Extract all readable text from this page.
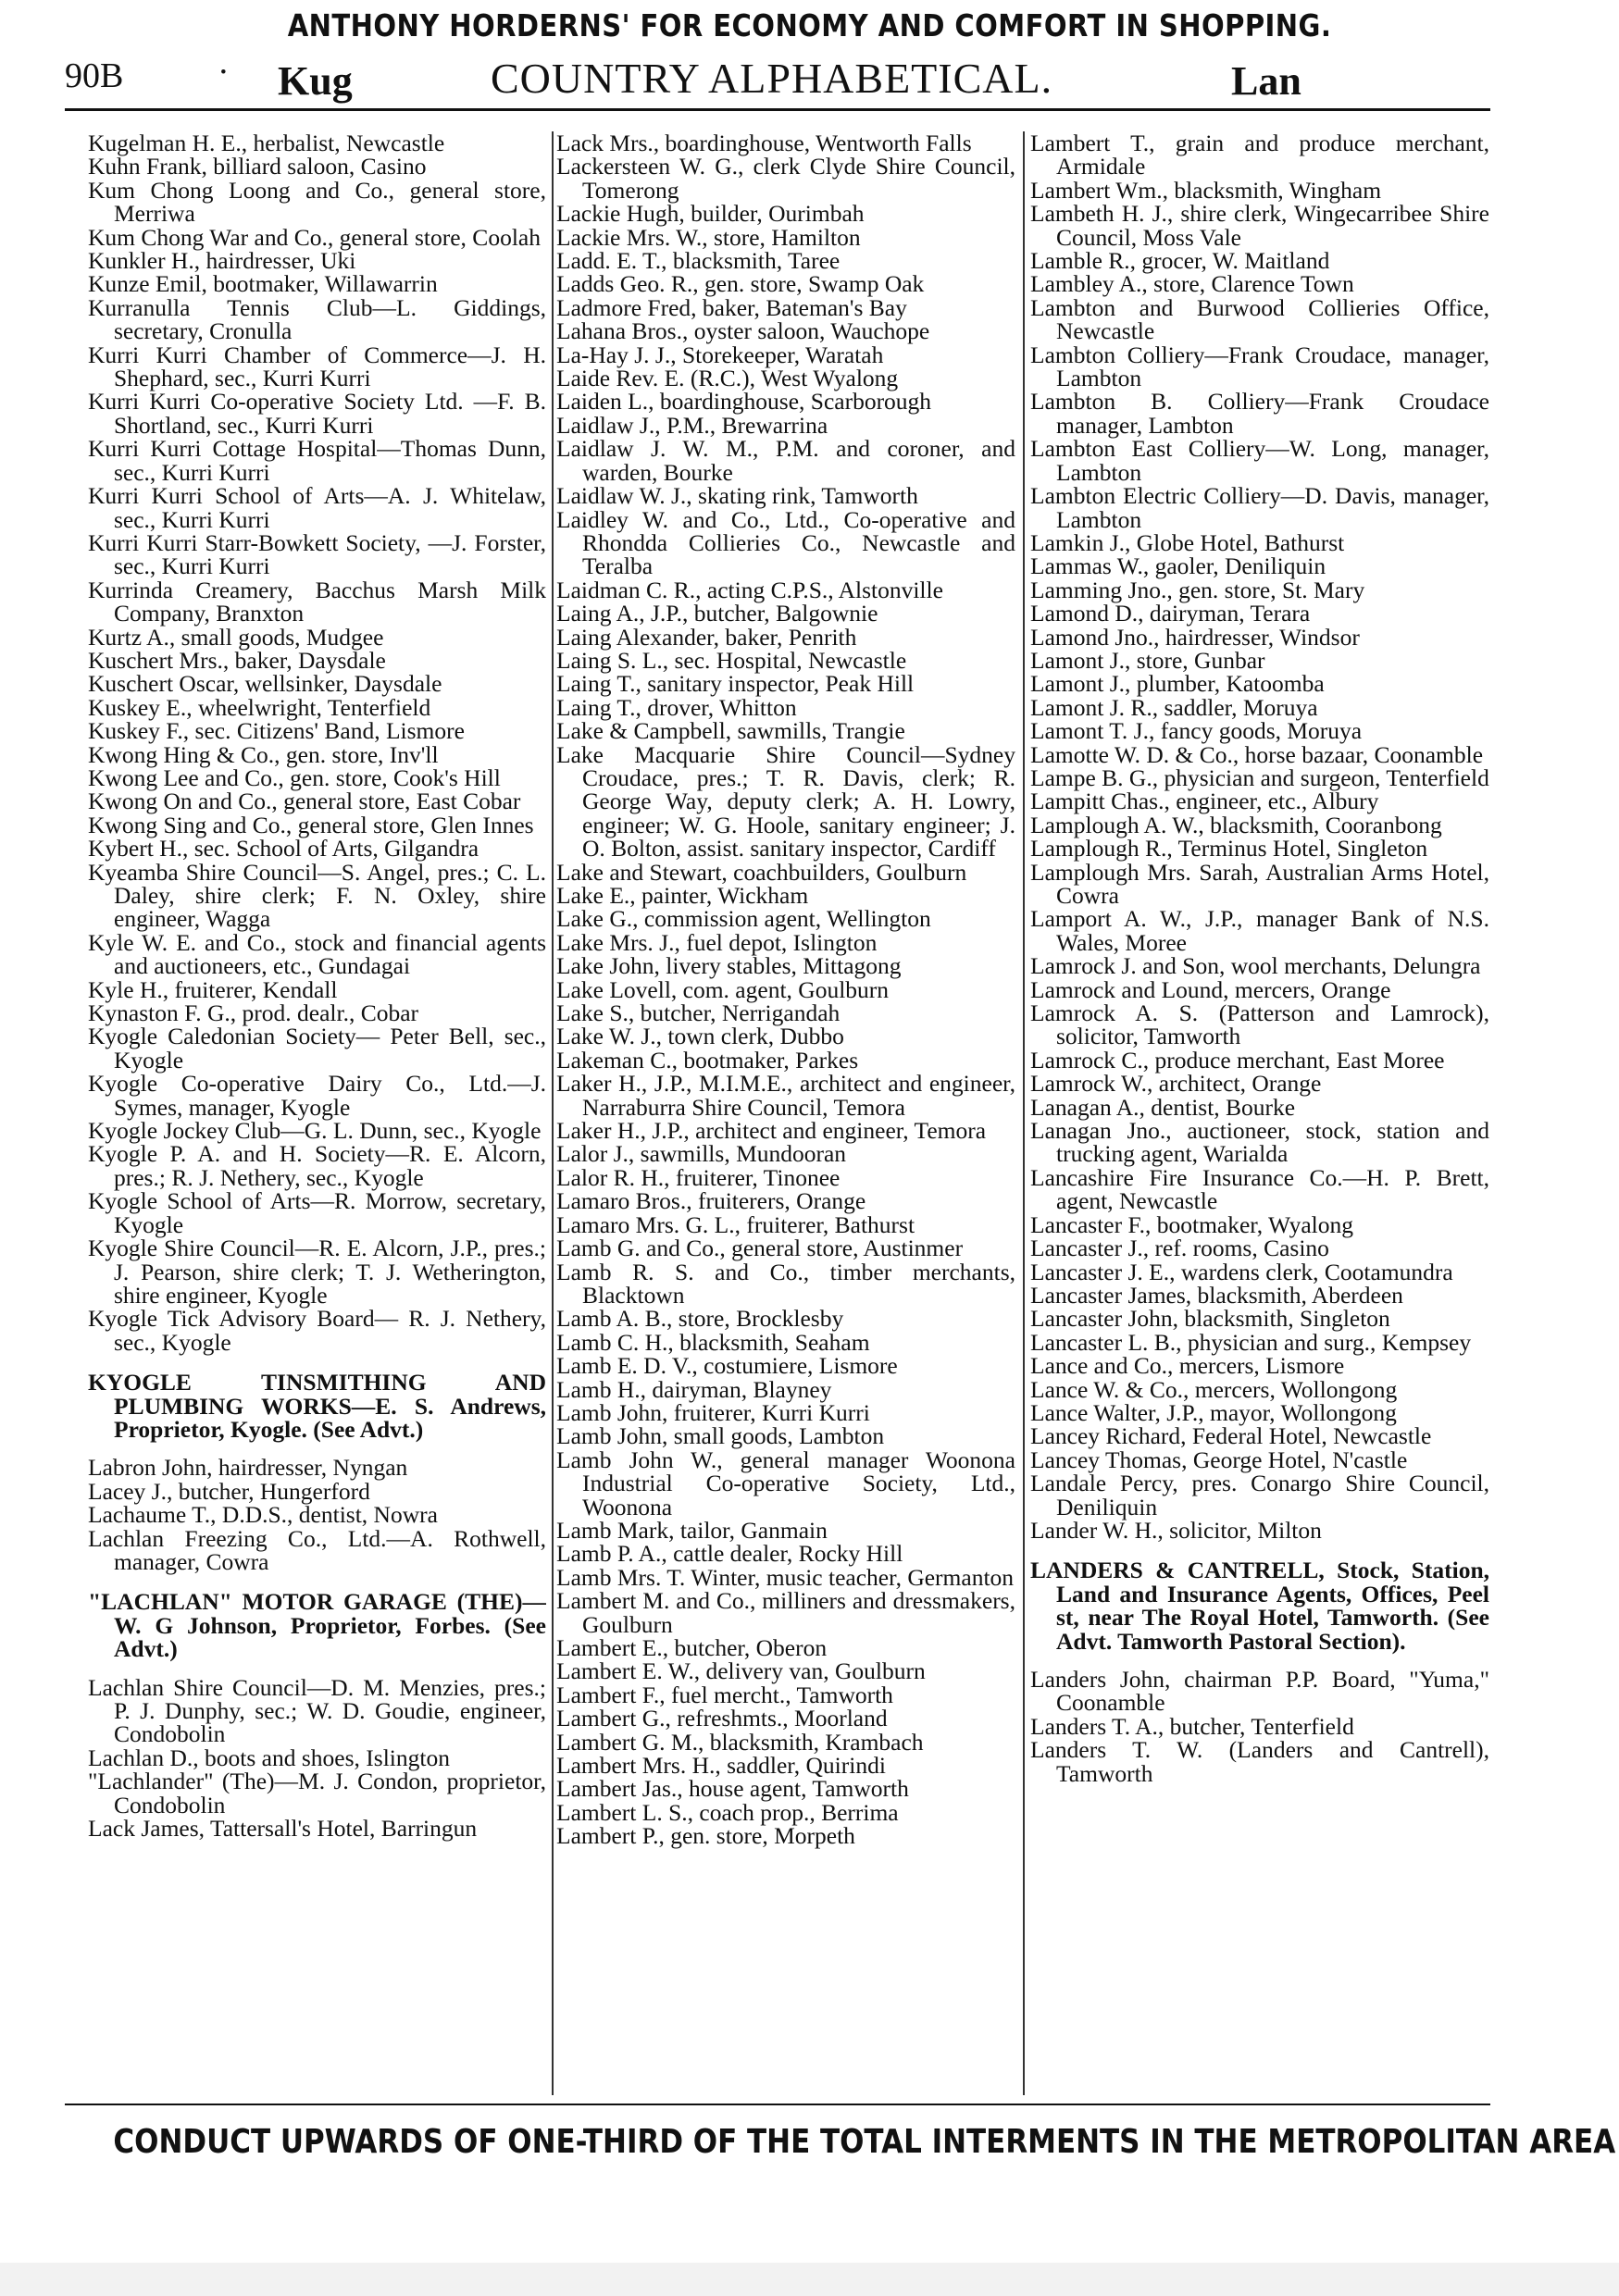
ANTHONY HORDERNS' FOR ECONOMY AND COMFORT IN SHOPPING.
90B	· Kug	COUNTRY ALPHABETICAL.	Lan
Kugelman H. E., herbalist, Newcastle
Kuhn Frank, billiard saloon, Casino
Kum Chong Loong and Co., general store, Merriwa
Kum Chong War and Co., general store, Coolah
Kunkler H., hairdresser, Uki
Kunze Emil, bootmaker, Willawarrin
Kurranulla Tennis Club—L. Giddings, secretary, Cronulla
Kurri Kurri Chamber of Commerce—J. H. Shephard, sec., Kurri Kurri
Kurri Kurri Co-operative Society Ltd. —F. B. Shortland, sec., Kurri Kurri
Kurri Kurri Cottage Hospital—Thomas Dunn, sec., Kurri Kurri
Kurri Kurri School of Arts—A. J. Whitelaw, sec., Kurri Kurri
Kurri Kurri Starr-Bowkett Society, —J. Forster, sec., Kurri Kurri
Kurrinda Creamery, Bacchus Marsh Milk Company, Branxton
Kurtz A., small goods, Mudgee
Kuschert Mrs., baker, Daysdale
Kuschert Oscar, wellsinker, Daysdale
Kuskey E., wheelwright, Tenterfield
Kuskey F., sec. Citizens' Band, Lismore
Kwong Hing & Co., gen. store, Inv'll
Kwong Lee and Co., gen. store, Cook's Hill
Kwong On and Co., general store, East Cobar
Kwong Sing and Co., general store, Glen Innes
Kybert H., sec. School of Arts, Gilgandra
Kyeamba Shire Council—S. Angel, pres.; C. L. Daley, shire clerk; F. N. Oxley, shire engineer, Wagga
Kyle W. E. and Co., stock and financial agents and auctioneers, etc., Gundagai
Kyle H., fruiterer, Kendall
Kynaston F. G., prod. dealr., Cobar
Kyogle Caledonian Society— Peter Bell, sec., Kyogle
Kyogle Co-operative Dairy Co., Ltd.—J. Symes, manager, Kyogle
Kyogle Jockey Club—G. L. Dunn, sec., Kyogle
Kyogle P. A. and H. Society—R. E. Alcorn, pres.; R. J. Nethery, sec., Kyogle
Kyogle School of Arts—R. Morrow, secretary, Kyogle
Kyogle Shire Council—R. E. Alcorn, J.P., pres.; J. Pearson, shire clerk; T. J. Wetherington, shire engineer, Kyogle
Kyogle Tick Advisory Board— R. J. Nethery, sec., Kyogle
KYOGLE TINSMITHING AND PLUMBING WORKS—E. S. Andrews, Proprietor, Kyogle. (See Advt.)
Labron John, hairdresser, Nyngan
Lacey J., butcher, Hungerford
Lachaume T., D.D.S., dentist, Nowra
Lachlan Freezing Co., Ltd.—A. Rothwell, manager, Cowra
"LACHLAN" MOTOR GARAGE (THE)—W. G Johnson, Proprietor, Forbes. (See Advt.)
Lachlan Shire Council—D. M. Menzies, pres.; P. J. Dunphy, sec.; W. D. Goudie, engineer, Condobolin
Lachlan D., boots and shoes, Islington
"Lachlander" (The)—M. J. Condon, proprietor, Condobolin
Lack James, Tattersall's Hotel, Barringun
Lack Mrs., boardinghouse, Wentworth Falls
Lackersteen W. G., clerk Clyde Shire Council, Tomerong
Lackie Hugh, builder, Ourimbah
Lackie Mrs. W., store, Hamilton
Ladd. E. T., blacksmith, Taree
Ladds Geo. R., gen. store, Swamp Oak
Ladmore Fred, baker, Bateman's Bay
Lahana Bros., oyster saloon, Wauchope
La-Hay J. J., Storekeeper, Waratah
Laide Rev. E. (R.C.), West Wyalong
Laiden L., boardinghouse, Scarborough
Laidlaw J., P.M., Brewarrina
Laidlaw J. W. M., P.M. and coroner, and warden, Bourke
Laidlaw W. J., skating rink, Tamworth
Laidley W. and Co., Ltd., Co-operative and Rhondda Collieries Co., Newcastle and Teralba
Laidman C. R., acting C.P.S., Alstonville
Laing A., J.P., butcher, Balgownie
Laing Alexander, baker, Penrith
Laing S. L., sec. Hospital, Newcastle
Laing T., sanitary inspector, Peak Hill
Laing T., drover, Whitton
Lake & Campbell, sawmills, Trangie
Lake Macquarie Shire Council—Sydney Croudace, pres.; T. R. Davis, clerk; R. George Way, deputy clerk; A. H. Lowry, engineer; W. G. Hoole, sanitary engineer; J. O. Bolton, assist. sanitary inspector, Cardiff
Lake and Stewart, coachbuilders, Goulburn
Lake E., painter, Wickham
Lake G., commission agent, Wellington
Lake Mrs. J., fuel depot, Islington
Lake John, livery stables, Mittagong
Lake Lovell, com. agent, Goulburn
Lake S., butcher, Nerrigandah
Lake W. J., town clerk, Dubbo
Lakeman C., bootmaker, Parkes
Laker H., J.P., M.I.M.E., architect and engineer, Narraburra Shire Council, Temora
Laker H., J.P., architect and engineer, Temora
Lalor J., sawmills, Mundooran
Lalor R. H., fruiterer, Tinonee
Lamaro Bros., fruiterers, Orange
Lamaro Mrs. G. L., fruiterer, Bathurst
Lamb G. and Co., general store, Austinmer
Lamb R. S. and Co., timber merchants, Blacktown
Lamb A. B., store, Brocklesby
Lamb C. H., blacksmith, Seaham
Lamb E. D. V., costumiere, Lismore
Lamb H., dairyman, Blayney
Lamb John, fruiterer, Kurri Kurri
Lamb John, small goods, Lambton
Lamb John W., general manager Woonona Industrial Co-operative Society, Ltd., Woonona
Lamb Mark, tailor, Ganmain
Lamb P. A., cattle dealer, Rocky Hill
Lamb Mrs. T. Winter, music teacher, Germanton
Lambert M. and Co., milliners and dressmakers, Goulburn
Lambert E., butcher, Oberon
Lambert E. W., delivery van, Goulburn
Lambert F., fuel mercht., Tamworth
Lambert G., refreshmts., Moorland
Lambert G. M., blacksmith, Krambach
Lambert Mrs. H., saddler, Quirindi
Lambert Jas., house agent, Tamworth
Lambert L. S., coach prop., Berrima
Lambert P., gen. store, Morpeth
Lambert T., grain and produce merchant, Armidale
Lambert Wm., blacksmith, Wingham
Lambeth H. J., shire clerk, Wingecarribee Shire Council, Moss Vale
Lamble R., grocer, W. Maitland
Lambley A., store, Clarence Town
Lambton and Burwood Collieries Office, Newcastle
Lambton Colliery—Frank Croudace, manager, Lambton
Lambton B. Colliery—Frank Croudace manager, Lambton
Lambton East Colliery—W. Long, manager, Lambton
Lambton Electric Colliery—D. Davis, manager, Lambton
Lamkin J., Globe Hotel, Bathurst
Lammas W., gaoler, Deniliquin
Lamming Jno., gen. store, St. Mary
Lamond D., dairyman, Terara
Lamond Jno., hairdresser, Windsor
Lamont J., store, Gunbar
Lamont J., plumber, Katoomba
Lamont J. R., saddler, Moruya
Lamont T. J., fancy goods, Moruya
Lamotte W. D. & Co., horse bazaar, Coonamble
Lampe B. G., physician and surgeon, Tenterfield
Lampitt Chas., engineer, etc., Albury
Lamplough A. W., blacksmith, Cooranbong
Lamplough R., Terminus Hotel, Singleton
Lamplough Mrs. Sarah, Australian Arms Hotel, Cowra
Lamport A. W., J.P., manager Bank of N.S. Wales, Moree
Lamrock J. and Son, wool merchants, Delungra
Lamrock and Lound, mercers, Orange
Lamrock A. S. (Patterson and Lamrock), solicitor, Tamworth
Lamrock C., produce merchant, East Moree
Lamrock W., architect, Orange
Lanagan A., dentist, Bourke
Lanagan Jno., auctioneer, stock, station and trucking agent, Warialda
Lancashire Fire Insurance Co.—H. P. Brett, agent, Newcastle
Lancaster F., bootmaker, Wyalong
Lancaster J., ref. rooms, Casino
Lancaster J. E., wardens clerk, Cootamundra
Lancaster James, blacksmith, Aberdeen
Lancaster John, blacksmith, Singleton
Lancaster L. B., physician and surg., Kempsey
Lance and Co., mercers, Lismore
Lance W. & Co., mercers, Wollongong
Lance Walter, J.P., mayor, Wollongong
Lancey Richard, Federal Hotel, Newcastle
Lancey Thomas, George Hotel, N'castle
Landale Percy, pres. Conargo Shire Council, Deniliquin
Lander W. H., solicitor, Milton
LANDERS & CANTRELL, Stock, Station, Land and Insurance Agents, Offices, Peel st, near The Royal Hotel, Tamworth. (See Advt. Tamworth Pastoral Section).
Landers John, chairman P.P. Board, "Yuma," Coonamble
Landers T. A., butcher, Tenterfield
Landers T. W. (Landers and Cantrell), Tamworth
CONDUCT UPWARDS OF ONE-THIRD OF THE TOTAL INTERMENTS IN THE METROPOLITAN AREA
